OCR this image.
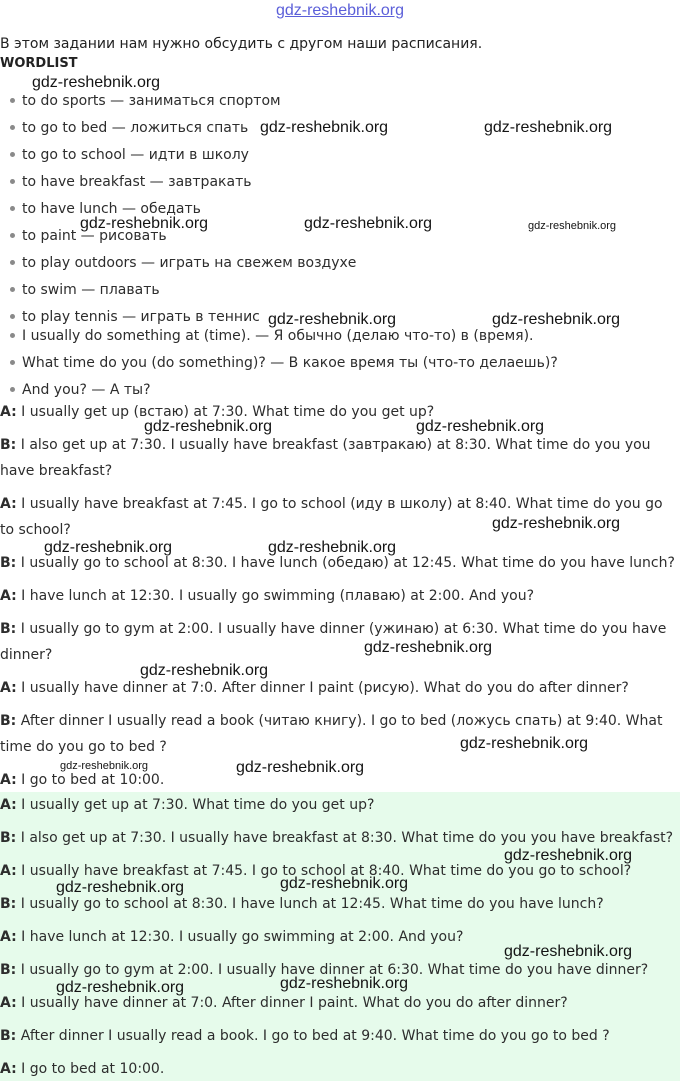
gdz-reshebnik.org
В этом задании нам нужно обсудить с другом наши расписания.
WORDLIST
to do sports — заниматься спортом
to go to bed — ложиться спать
to go to school — идти в школу
to have breakfast — завтракать
to have lunch — обедать
to paint — рисовать
to play outdoors — играть на свежем воздухе
to swim — плавать
to play tennis — играть в теннис
I usually do something at (time). — Я обычно (делаю что-то) в (время).
What time do you (do something)? — В какое время ты (что-то делаешь)?
And you? — А ты?
A: I usually get up (встаю) at 7:30. What time do you get up?
B: I also get up at 7:30. I usually have breakfast (завтракаю) at 8:30. What time do you you have breakfast?
A: I usually have breakfast at 7:45. I go to school (иду в школу) at 8:40. What time do you go to school?
B: I usually go to school at 8:30. I have lunch (обедаю) at 12:45. What time do you have lunch?
A: I have lunch at 12:30. I usually go swimming (плаваю) at 2:00. And you?
B: I usually go to gym at 2:00. I usually have dinner (ужинаю) at 6:30. What time do you have dinner?
A: I usually have dinner at 7:0. After dinner I paint (рисую). What do you do after dinner?
B: After dinner I usually read a book (читаю книгу). I go to bed (ложусь спать) at 9:40. What time do you go to bed ?
A: I go to bed at 10:00.
A: I usually get up at 7:30. What time do you get up?
B: I also get up at 7:30. I usually have breakfast at 8:30. What time do you you have breakfast?
A: I usually have breakfast at 7:45. I go to school at 8:40. What time do you go to school?
B: I usually go to school at 8:30. I have lunch at 12:45. What time do you have lunch?
A: I have lunch at 12:30. I usually go swimming at 2:00. And you?
B: I usually go to gym at 2:00. I usually have dinner at 6:30. What time do you have dinner?
A: I usually have dinner at 7:0. After dinner I paint. What do you do after dinner?
B: After dinner I usually read a book. I go to bed at 9:40. What time do you go to bed ?
A: I go to bed at 10:00.
gdz-reshebnik.org
gdz-reshebnik.org	gdz-reshebnik.org
gdz-reshebnik.org	gdz-reshebnik.org	gdz-reshebnik.org
gdz-reshebnik.org	gdz-reshebnik.org
gdz-reshebnik.org	gdz-reshebnik.org
gdz-reshebnik.org
gdz-reshebnik.org	gdz-reshebnik.org
gdz-reshebnik.org
gdz-reshebnik.org
gdz-reshebnik.org
gdz-reshebnik.org	gdz-reshebnik.org
gdz-reshebnik.org
gdz-reshebnik.org
gdz-reshebnik.org
gdz-reshebnik.org
gdz-reshebnik.org
gdz-reshebnik.org
